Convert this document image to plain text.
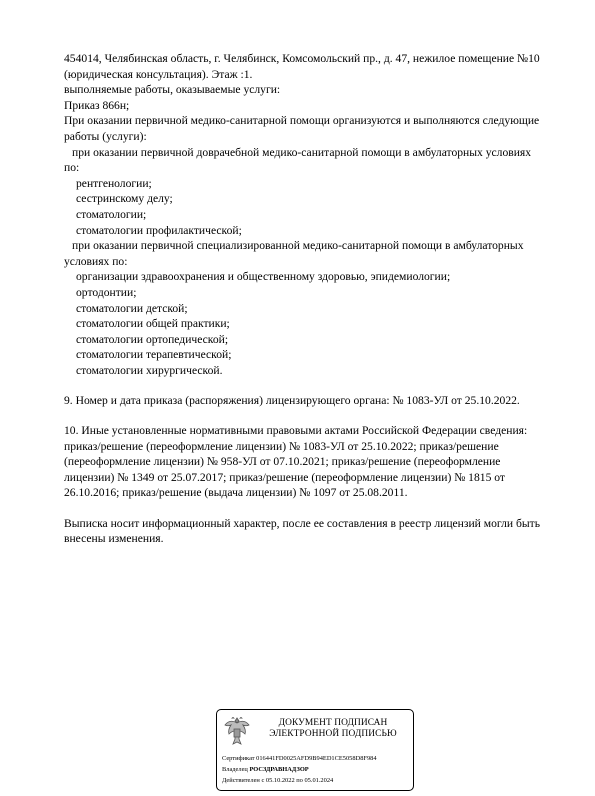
454014, Челябинская область, г. Челябинск, Комсомольский пр., д. 47, нежилое помещение №10
(юридическая консультация). Этаж :1.
выполняемые работы, оказываемые услуги:
Приказ 866н;
При оказании первичной медико-санитарной помощи организуются и выполняются следующие
работы (услуги):
при оказании первичной доврачебной медико-санитарной помощи в амбулаторных условиях
по:
рентгенологии;
сестринскому делу;
стоматологии;
стоматологии профилактической;
при оказании первичной специализированной медико-санитарной помощи в амбулаторных
условиях по:
организации здравоохранения и общественному здоровью, эпидемиологии;
ортодонтии;
стоматологии детской;
стоматологии общей практики;
стоматологии ортопедической;
стоматологии терапевтической;
стоматологии хирургической.
9. Номер и дата приказа (распоряжения) лицензирующего органа: № 1083-УЛ от 25.10.2022.
10. Иные установленные нормативными правовыми актами Российской Федерации сведения:
приказ/решение (переоформление лицензии) № 1083-УЛ от 25.10.2022; приказ/решение
(переоформление лицензии) № 958-УЛ от 07.10.2021; приказ/решение (переоформление
лицензии) № 1349 от 25.07.2017; приказ/решение (переоформление лицензии) № 1815 от
26.10.2016; приказ/решение (выдача лицензии) № 1097 от 25.08.2011.
Выписка носит информационный характер, после ее составления в реестр лицензий могли быть
внесены изменения.
ДОКУМЕНТ ПОДПИСАН
ЭЛЕКТРОННОЙ ПОДПИСЬЮ
Сертификат 016441FD0025AFD9B94ED1CE5058D8F984
Владелец РОСЗДРАВНАДЗОР
Действителен с 05.10.2022 по 05.01.2024
